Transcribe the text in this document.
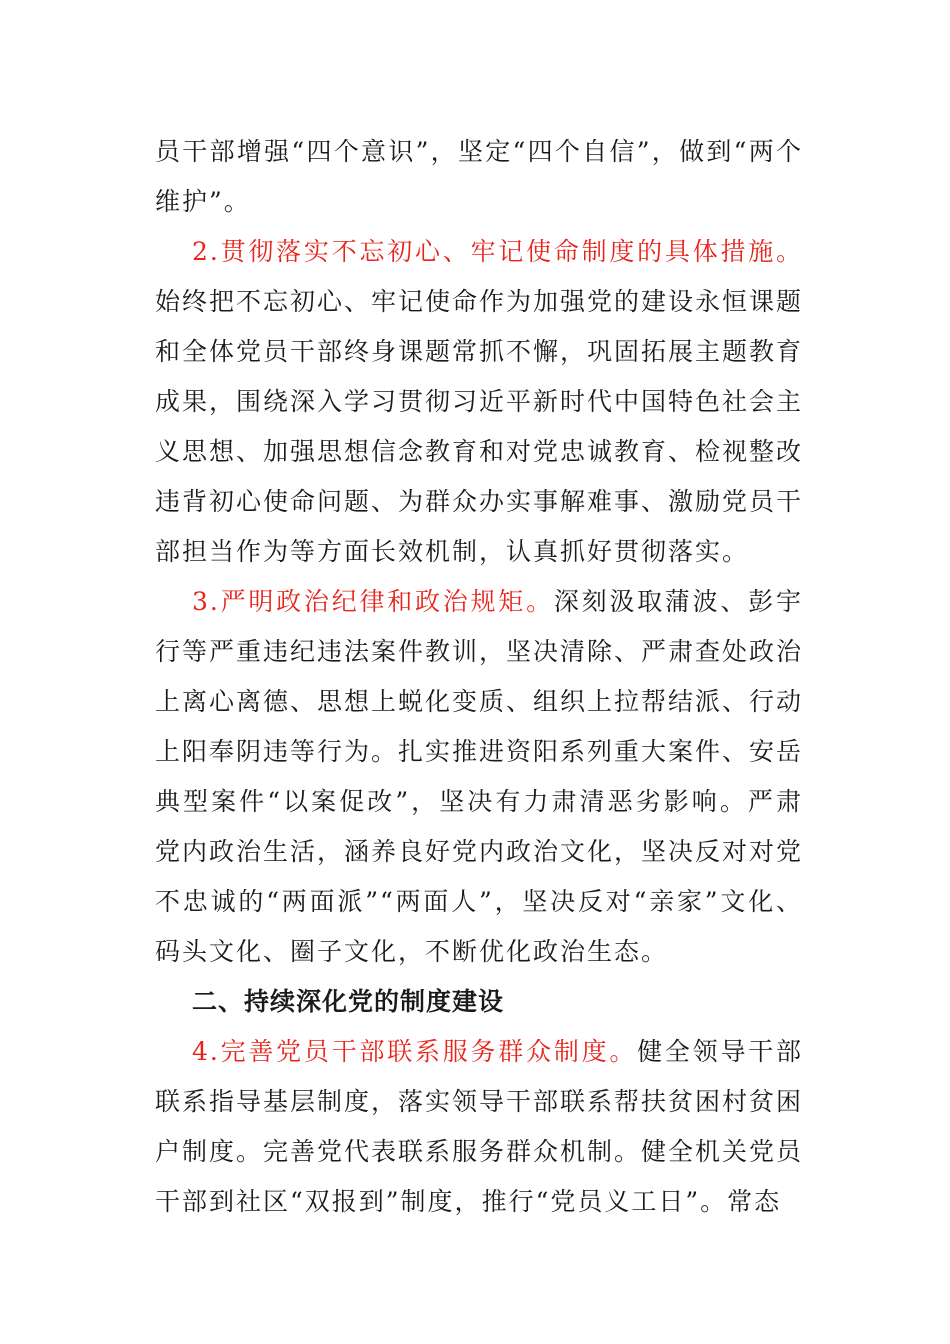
员干部增强“四个意识”，坚定“四个自信”，做到“两个维护”。

2.贯彻落实不忘初心、牢记使命制度的具体措施。始终把不忘初心、牢记使命作为加强党的建设永恒课题和全体党员干部终身课题常抓不懈，巩固拓展主题教育成果，围绕深入学习贯彻习近平新时代中国特色社会主义思想、加强思想信念教育和对党忠诚教育、检视整改违背初心使命问题、为群众办实事解难事、激励党员干部担当作为等方面长效机制，认真抓好贯彻落实。

3.严明政治纪律和政治规矩。深刻汲取蒲波、彭宇行等严重违纪违法案件教训，坚决清除、严肃查处政治上离心离德、思想上蜕化变质、组织上拉帮结派、行动上阳奉阴违等行为。扎实推进资阳系列重大案件、安岳典型案件“以案促改”，坚决有力肃清恶劣影响。严肃党内政治生活，涵养良好党内政治文化，坚决反对对党不忠诚的“两面派”“两面人”，坚决反对“亲家”文化、码头文化、圈子文化，不断优化政治生态。

二、持续深化党的制度建设

4.完善党员干部联系服务群众制度。健全领导干部联系指导基层制度，落实领导干部联系帮扶贫困村贫困户制度。完善党代表联系服务群众机制。健全机关党员干部到社区“双报到”制度，推行“党员义工日”。常态
